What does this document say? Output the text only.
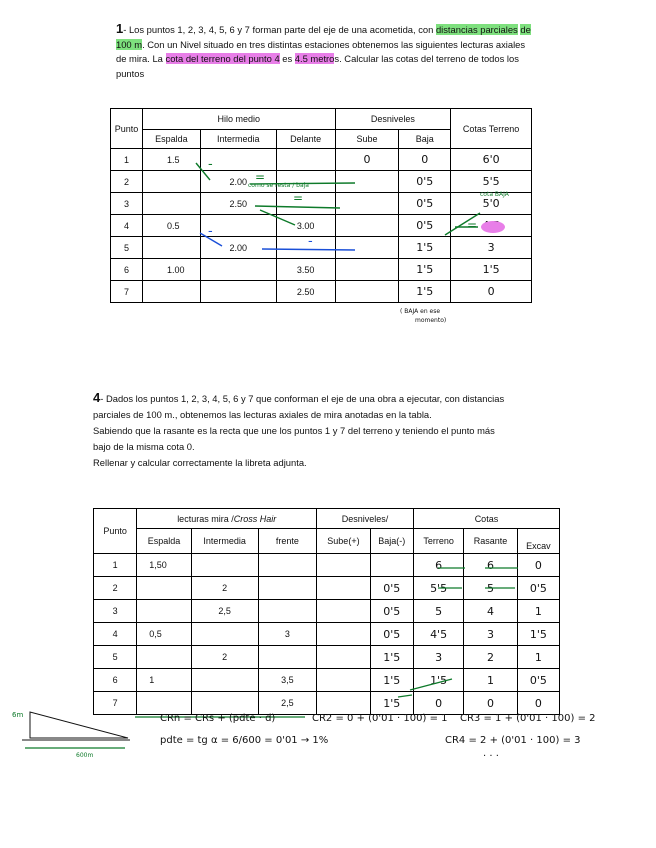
1- Los puntos 1, 2, 3, 4, 5, 6 y 7 forman parte del eje de una acometida, con distancias parciales de 100 m. Con un Nivel situado en tres distintas estaciones obtenemos las siguientes lecturas axiales de mira. La cota del terreno del punto 4 es 4.5 metros. Calcular las cotas del terreno de todos los puntos
Punto	Hilo medio			Desniveles		Cotas Terreno
	Espalda	Intermedia	Delante	Sube	Baja	
1	1.5			0	0	6'0
2		2.00			0'5	5'5
3		2.50			0'5	5'0
4	0.5		3.00		0'5	
5		2.00			1'5	3
6	1.00		3.50		1'5	1'5
7			2.50		1'5	0
-
=
como se resta / baja
cota BAJA
=
-
-
=
( BAJA en ese
momento)

4- Dados los puntos 1, 2, 3, 4, 5, 6 y 7 que conforman el eje de una obra a ejecutar, con distancias

parciales de 100 m., obtenemos las lecturas axiales de mira anotadas en la tabla.

Sabiendo que la rasante es la recta que une los puntos 1 y 7 del terreno y teniendo el punto más

bajo de la misma cota 0.

Rellenar y calcular correctamente la libreta adjunta.

Punto	lecturas mira /Cross Hair			Desniveles/		Cotas		
	Espalda	Intermedia	frente	Sube(+)	Baja(-)	Terreno	Rasante	Excav
1	1,50					6	6	0
2		2			0'5	5'5	5	0'5
3		2,5			0'5	5	4	1
4	0,5		3		0'5	4'5	3	1'5
5		2			1'5	3	2	1
6	1		3,5		1'5	1'5	1	0'5
7			2,5		1'5	0	0	0
6m
600m
CRn = CRs + (pdte · d)	CR2 = 0 + (0'01 · 100) = 1 CR3 = 1 + (0'01 · 100) = 2
pdte = tg α = 6/600 = 0'01 → 1%	CR4 = 2 + (0'01 · 100) = 3
· · ·
